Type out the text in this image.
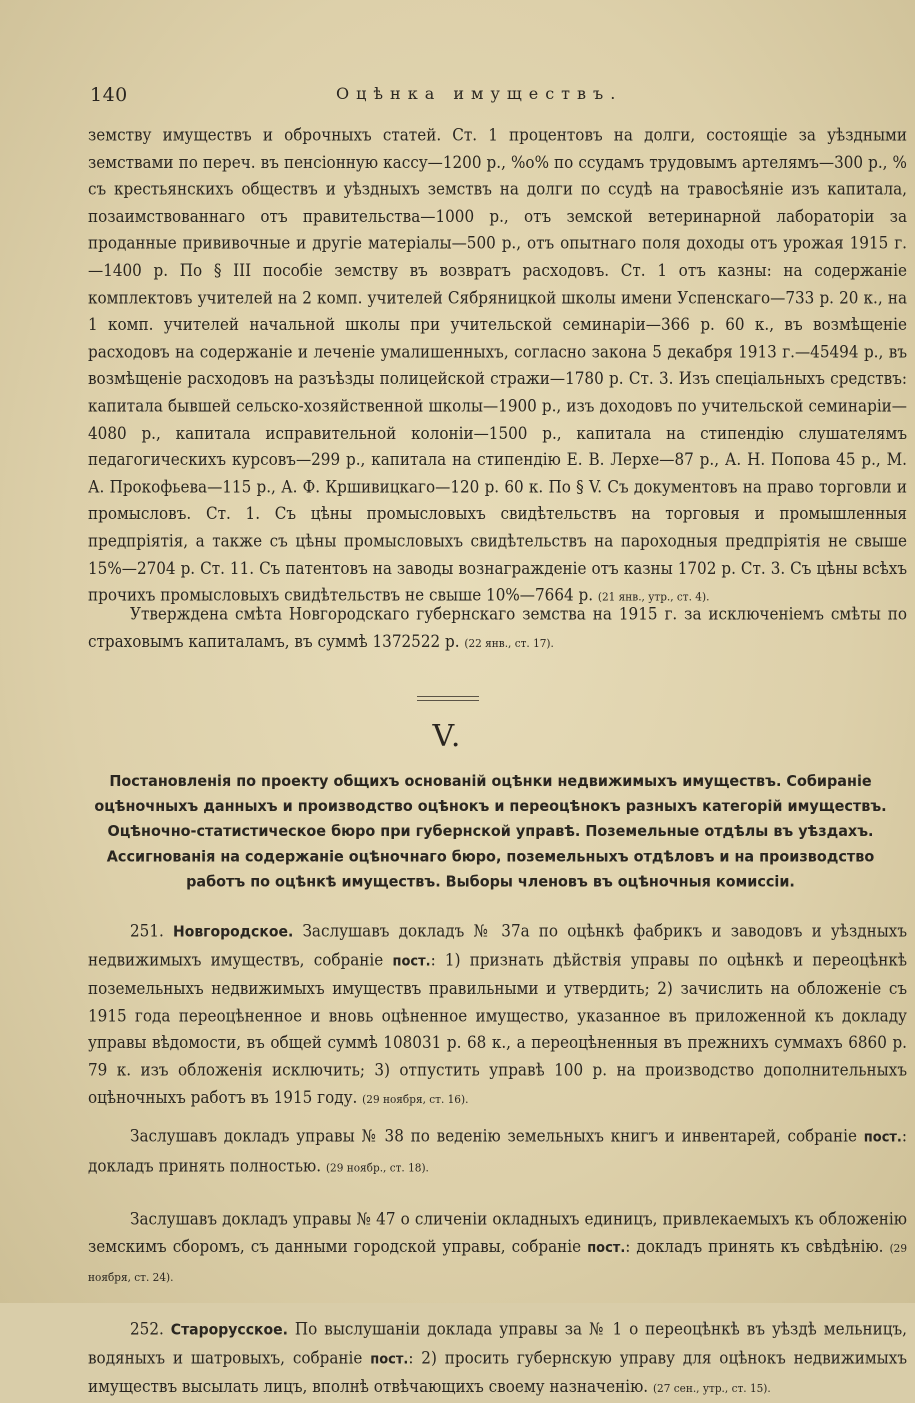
140	Оцѣнка имуществъ.

земству имуществъ и оброчныхъ статей. Ст. 1 процентовъ на долги, состоящіе за уѣздными земствами по переч. въ пенсіонную кассу—1200 р., %о% по ссудамъ трудовымъ артелямъ—300 р., % съ крестьянскихъ обществъ и уѣздныхъ земствъ на долги по ссудѣ на травосѣяніе изъ капитала, позаимствованнаго отъ правительства—1000 р., отъ земской ветеринарной лабораторіи за проданные прививочные и другіе матеріалы—500 р., отъ опытнаго поля доходы отъ урожая 1915 г.—1400 р. По § III пособіе земству въ возвратъ расходовъ. Ст. 1 отъ казны: на содержаніе комплектовъ учителей на 2 комп. учителей Сябряницкой школы имени Успенскаго—733 р. 20 к., на 1 комп. учителей начальной школы при учительской семинаріи—366 р. 60 к., въ возмѣщеніе расходовъ на содержаніе и леченіе умалишенныхъ, согласно закона 5 декабря 1913 г.—45494 р., въ возмѣщеніе расходовъ на разъѣзды полицейской стражи—1780 р. Ст. 3. Изъ спеціальныхъ средствъ: капитала бывшей сельско-хозяйственной школы—1900 р., изъ доходовъ по учительской семинаріи—4080 р., капитала исправительной колоніи—1500 р., капитала на стипендію слушателямъ педагогическихъ курсовъ—299 р., капитала на стипендію Е. В. Лерхе—87 р., А. Н. Попова 45 р., М. А. Прокофьева—115 р., А. Ф. Кршивицкаго—120 р. 60 к. По § V. Съ документовъ на право торговли и промысловъ. Ст. 1. Съ цѣны промысловыхъ свидѣтельствъ на торговыя и промышленныя предпріятія, а также съ цѣны промысловыхъ свидѣтельствъ на пароходныя предпріятія не свыше 15%—2704 р. Ст. 11. Съ патентовъ на заводы вознагражденіе отъ казны 1702 р. Ст. 3. Съ цѣны всѣхъ прочихъ промысловыхъ свидѣтельствъ не свыше 10%—7664 р. (21 янв., утр., ст. 4).

Утверждена смѣта Новгородскаго губернскаго земства на 1915 г. за исключеніемъ смѣты по страховымъ капиталамъ, въ суммѣ 1372522 р. (22 янв., ст. 17).

V.
Постановленія по проекту общихъ основаній оцѣнки недвижимыхъ имуществъ. Собираніе оцѣночныхъ данныхъ и производство оцѣнокъ и переоцѣнокъ разныхъ категорій имуществъ. Оцѣночно-статистическое бюро при губернской управѣ. Поземельные отдѣлы въ уѣздахъ. Ассигнованія на содержаніе оцѣночнаго бюро, поземельныхъ отдѣловъ и на производство работъ по оцѣнкѣ имуществъ. Выборы членовъ въ оцѣночныя комиссіи.

251. Новгородское. Заслушавъ докладъ № 37а по оцѣнкѣ фабрикъ и заводовъ и уѣздныхъ недвижимыхъ имуществъ, собраніе пост.: 1) признать дѣйствія управы по оцѣнкѣ и переоцѣнкѣ поземельныхъ недвижимыхъ имуществъ правильными и утвердить; 2) зачислить на обложеніе съ 1915 года переоцѣненное и вновь оцѣненное имущество, указанное въ приложенной къ докладу управы вѣдомости, въ общей суммѣ 108031 р. 68 к., а переоцѣненныя въ прежнихъ суммахъ 6860 р. 79 к. изъ обложенія исключить; 3) отпустить управѣ 100 р. на производство дополнительныхъ оцѣночныхъ работъ въ 1915 году. (29 ноября, ст. 16).

Заслушавъ докладъ управы № 38 по веденію земельныхъ книгъ и инвентарей, собраніе пост.: докладъ принять полностью. (29 ноябр., ст. 18).

Заслушавъ докладъ управы № 47 о сличеніи окладныхъ единицъ, привлекаемыхъ къ обложенію земскимъ сборомъ, съ данными городской управы, собраніе пост.: докладъ принять къ свѣдѣнію. (29 ноября, ст. 24).

252. Старорусское. По выслушаніи доклада управы за № 1 о переоцѣнкѣ въ уѣздѣ мельницъ, водяныхъ и шатровыхъ, собраніе пост.: 2) просить губернскую управу для оцѣнокъ недвижимыхъ имуществъ высылать лицъ, вполнѣ отвѣчающихъ своему назначенію. (27 сен., утр., ст. 15).
